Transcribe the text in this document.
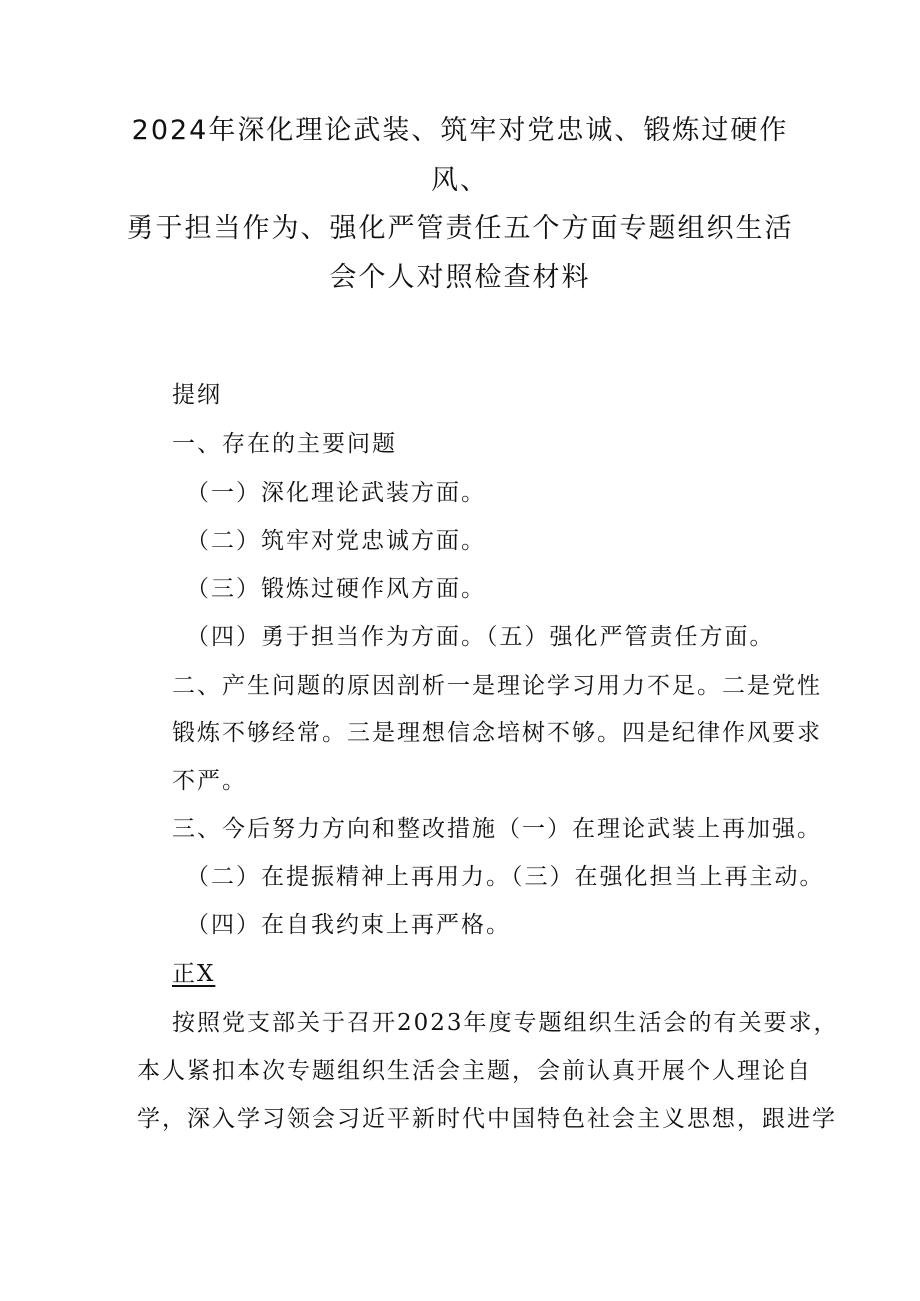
2024年深化理论武装、筑牢对党忠诚、锻炼过硬作
风、
勇于担当作为、强化严管责任五个方面专题组织生活
会个人对照检查材料
提纲
一、存在的主要问题
（一）深化理论武装方面。
（二）筑牢对党忠诚方面。
（三）锻炼过硬作风方面。
（四）勇于担当作为方面。（五）强化严管责任方面。
二、产生问题的原因剖析一是理论学习用力不足。二是党性
锻炼不够经常。三是理想信念培树不够。四是纪律作风要求
不严。
三、今后努力方向和整改措施（一）在理论武装上再加强。
（二）在提振精神上再用力。（三）在强化担当上再主动。
（四）在自我约束上再严格。
正X
按照党支部关于召开2023年度专题组织生活会的有关要求，
本人紧扣本次专题组织生活会主题，会前认真开展个人理论自
学，深入学习领会习近平新时代中国特色社会主义思想，跟进学
